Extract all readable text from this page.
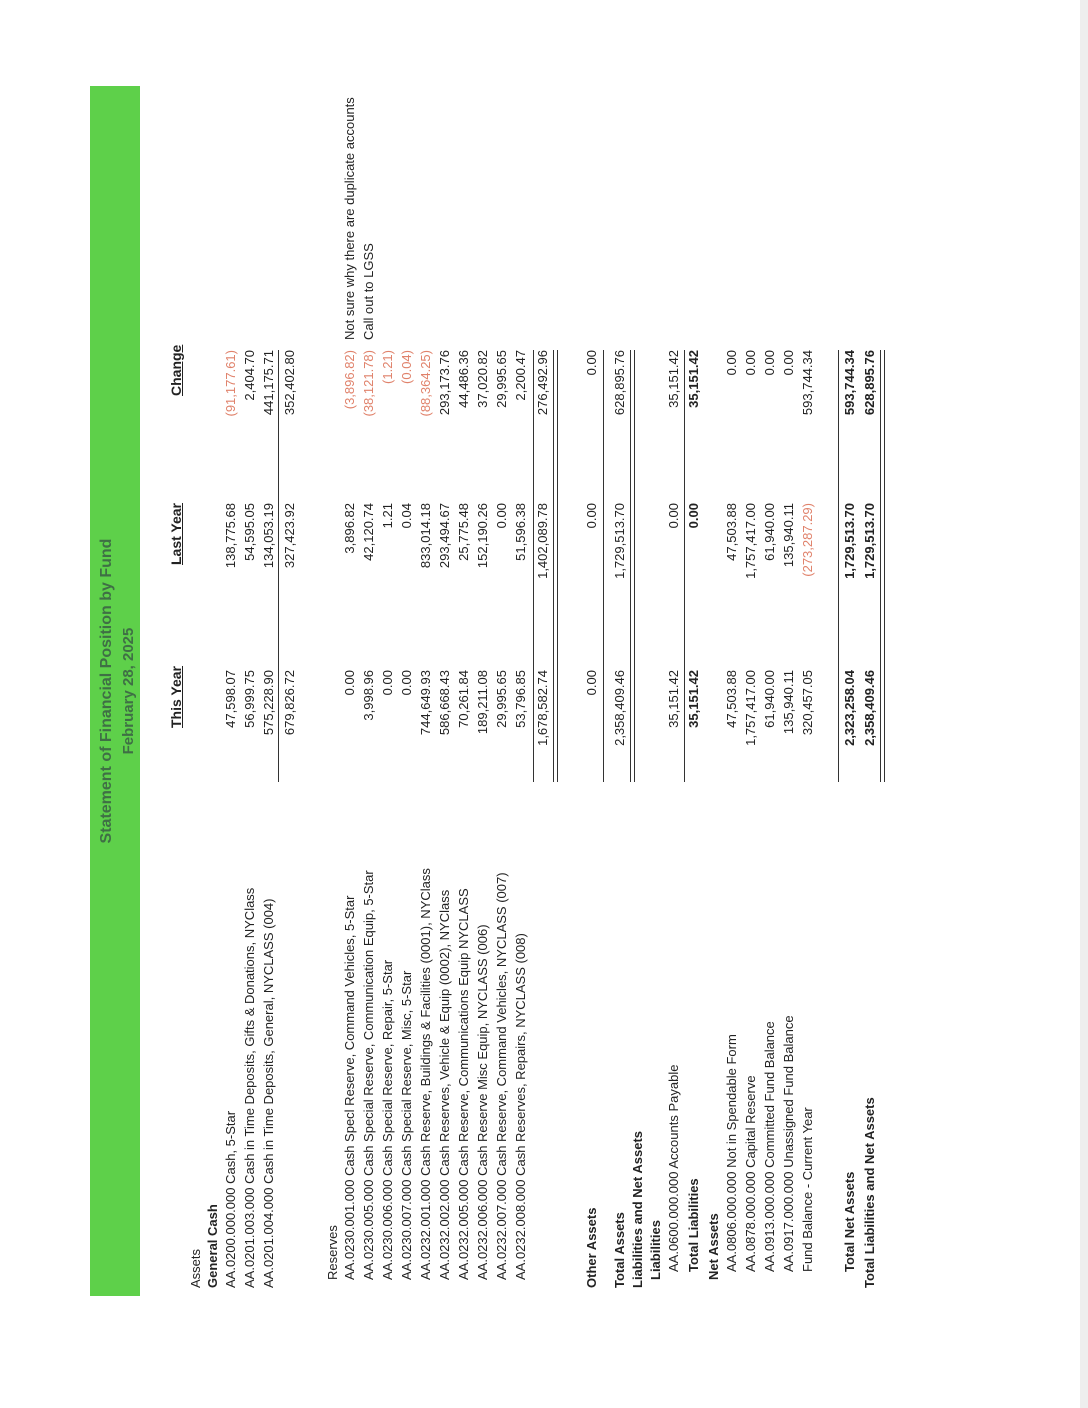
Statement of Financial Position by Fund February 28, 2025 This Year
Last Year
Change
Assets General Cash AA.0200.000.000 Cash, 5-Star
47,598.07
138,775.68
(91,177.61)
AA.0201.003.000 Cash in Time Deposits, Gifts & Donations, NYClass
56,999.75
54,595.05
2,404.70
AA.0201.004.000 Cash in Time Deposits, General, NYCLASS (004)
575,228.90
134,053.19
441,175.71
679,826.72
327,423.92
352,402.80
Reserves AA.0230.001.000 Cash Specl Reserve, Command Vehicles, 5-Star
0.00
3,896.82
(3,896.82)
Not sure why there are duplicate accounts
AA.0230.005.000 Cash Special Reserve, Communication Equip, 5-Star
3,998.96
42,120.74
(38,121.78)
Call out to LGSS
AA.0230.006.000 Cash Special Reserve, Repair, 5-Star
0.00
1.21
(1.21)
AA.0230.007.000 Cash Special Reserve, Misc, 5-Star
0.00
0.04
(0.04)
AA.0232.001.000 Cash Reserve, Buildings & Facilities (0001), NYClass
744,649.93
833,014.18
(88,364.25)
AA.0232.002.000 Cash Reserves, Vehicle & Equip (0002), NYClass
586,668.43
293,494.67
293,173.76
AA.0232.005.000 Cash Reserve, Communications Equip NYCLASS
70,261.84
25,775.48
44,486.36
AA.0232.006.000 Cash Reserve Misc Equip, NYCLASS (006)
189,211.08
152,190.26
37,020.82
AA.0232.007.000 Cash Reserve, Command Vehicles, NYCLASS (007)
29,995.65
0.00
29,995.65
AA.0232.008.000 Cash Reserves, Repairs, NYCLASS (008)
53,796.85
51,596.38
2,200.47
1,678,582.74
1,402,089.78
276,492.96
Other Assets
0.00
0.00
0.00
Total Assets
2,358,409.46
1,729,513.70
628,895.76
Liabilities and Net Assets Liabilities AA.0600.000.000 Accounts Payable
35,151.42
0.00
35,151.42
Total Liabilities
35,151.42
0.00
35,151.42
Net Assets AA.0806.000.000 Not in Spendable Form
47,503.88
47,503.88
0.00
AA.0878.000.000 Capital Reserve
1,757,417.00
1,757,417.00
0.00
AA.0913.000.000 Committed Fund Balance
61,940.00
61,940.00
0.00
AA.0917.000.000 Unassigned Fund Balance
135,940.11
135,940.11
0.00
Fund Balance - Current Year
320,457.05
(273,287.29)
593,744.34
Total Net Assets
2,323,258.04
1,729,513.70
593,744.34
Total Liabilities and Net Assets
2,358,409.46
1,729,513.70
628,895.76
